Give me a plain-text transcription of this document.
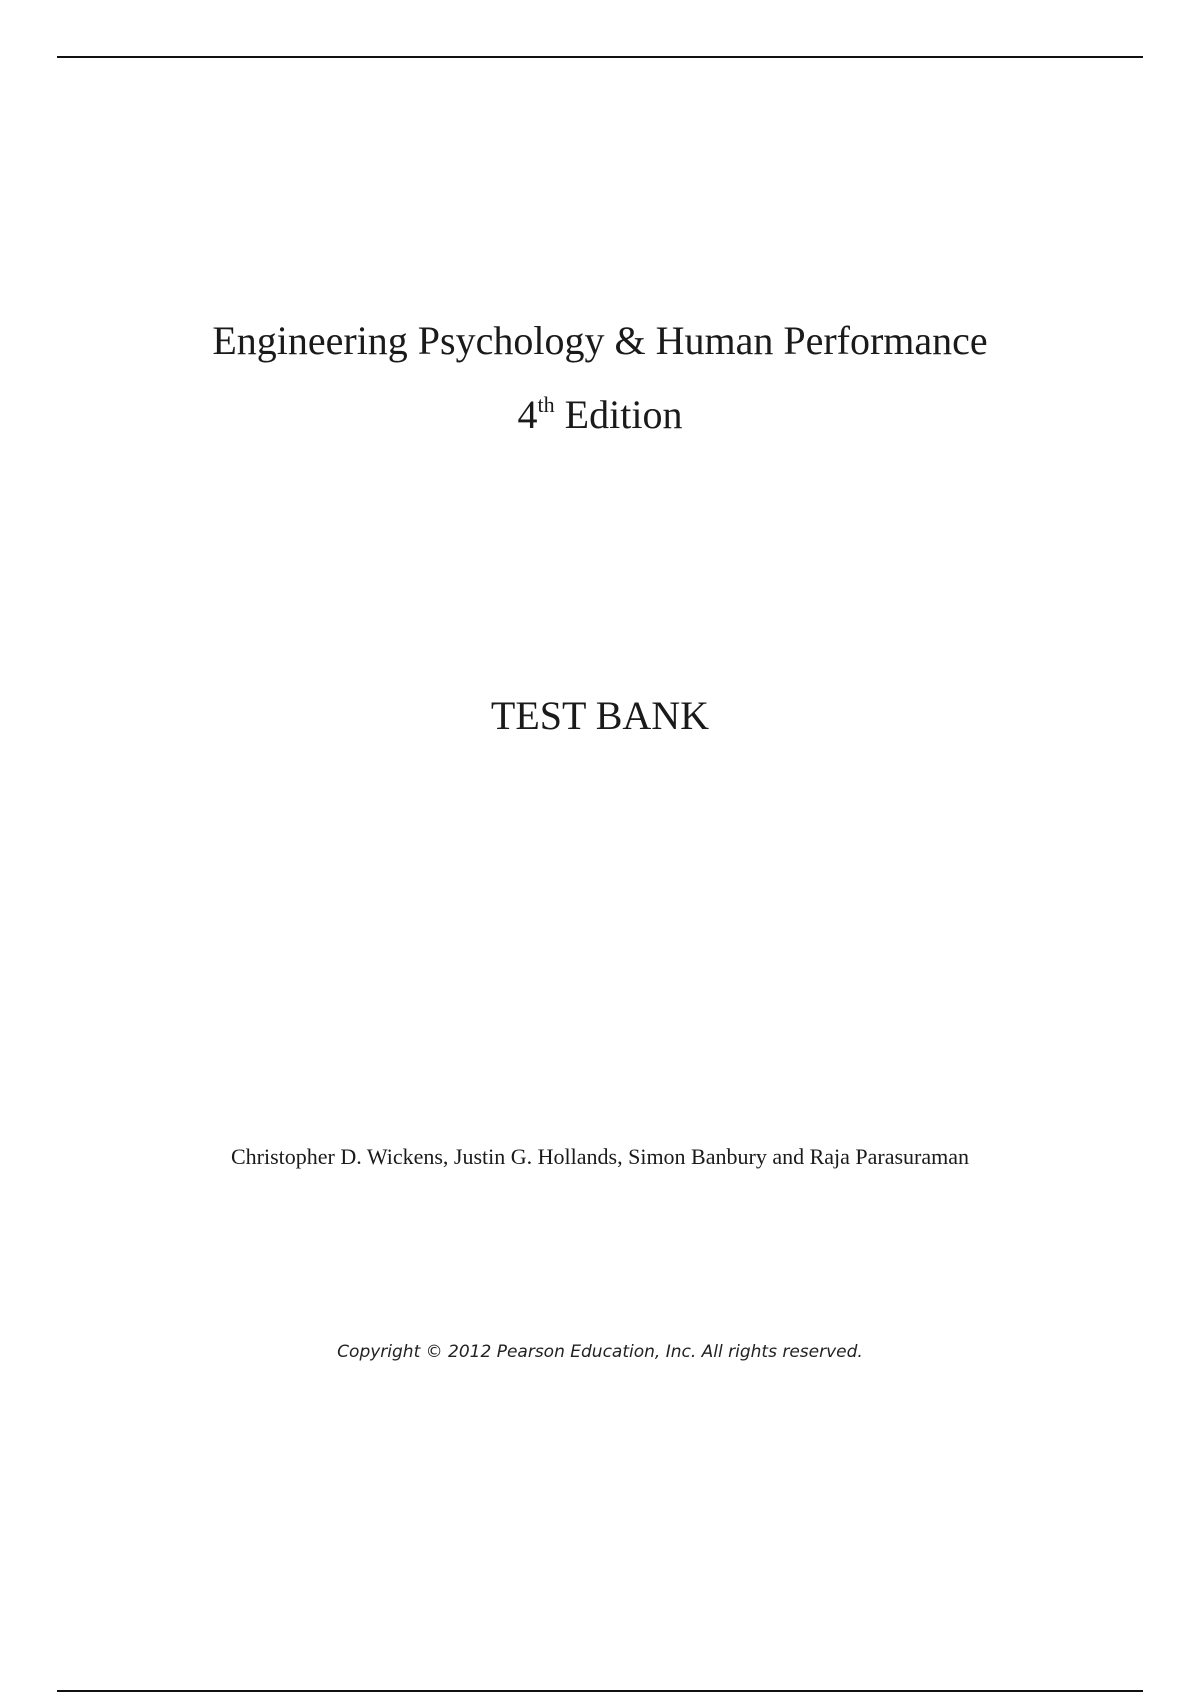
Engineering Psychology & Human Performance
4th Edition
TEST BANK
Christopher D. Wickens, Justin G. Hollands, Simon Banbury and Raja Parasuraman
Copyright © 2012 Pearson Education, Inc. All rights reserved.
